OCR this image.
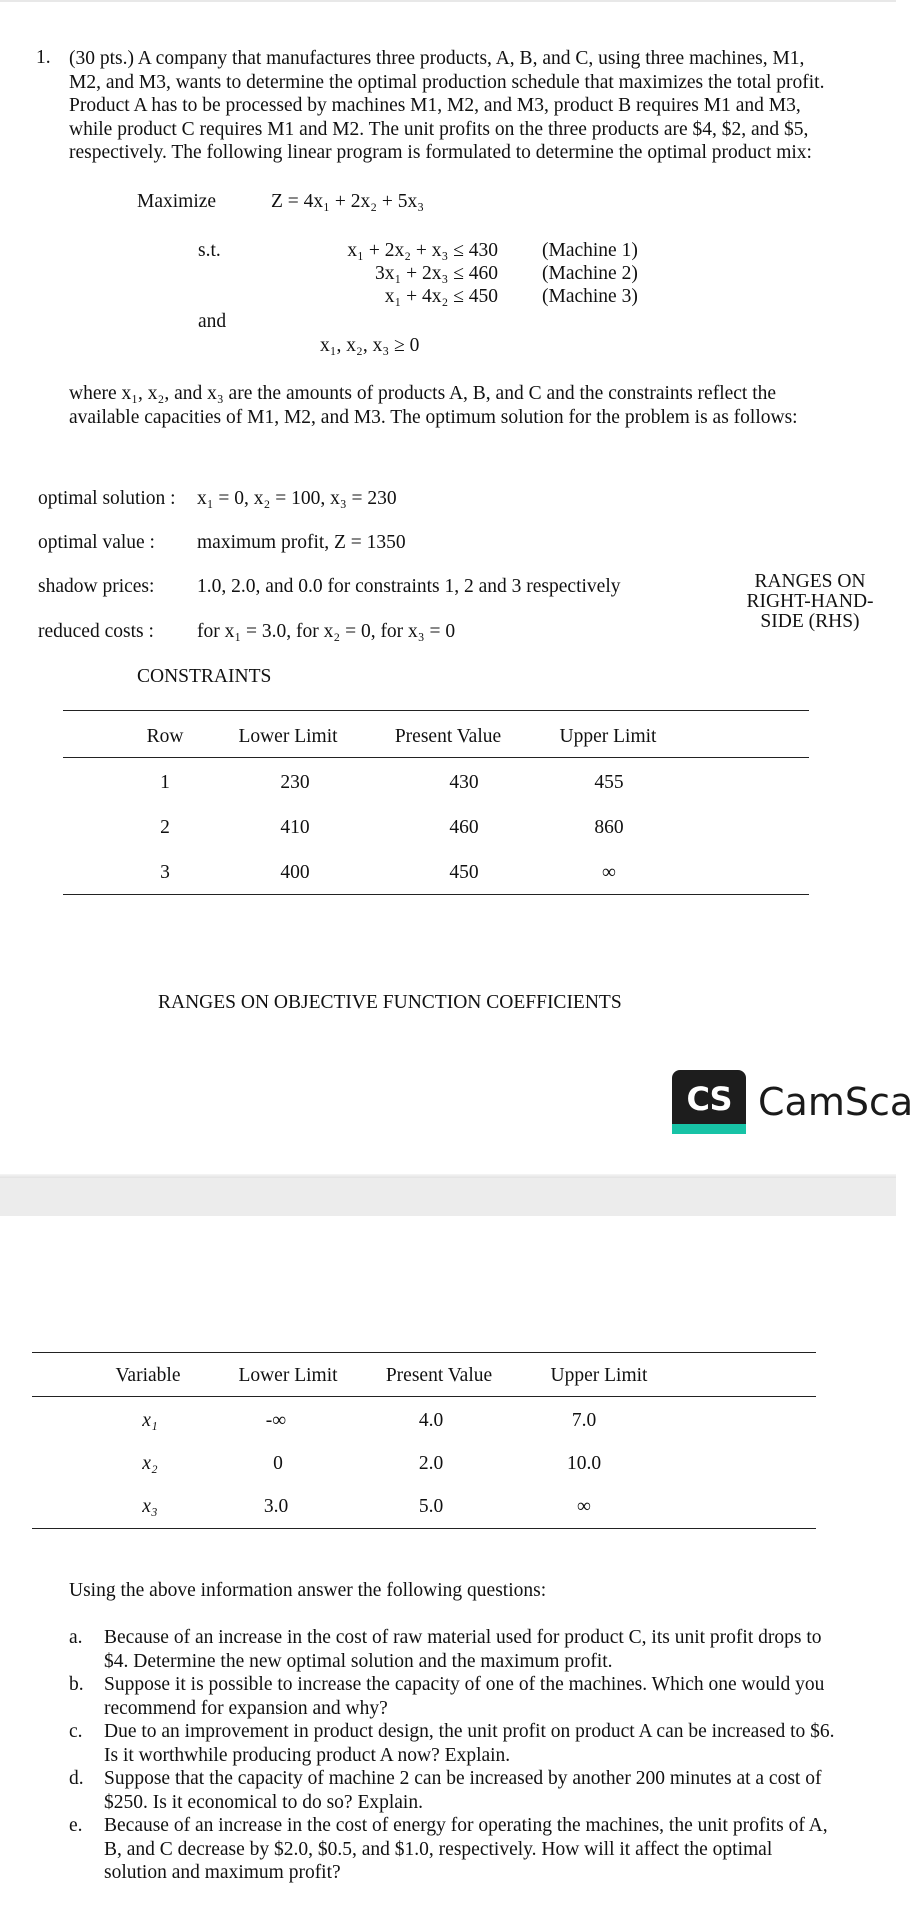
1. (30 pts.) A company that manufactures three products, A, B, and C, using three machines, M1,
M2, and M3, wants to determine the optimal production schedule that maximizes the total profit.
Product A has to be processed by machines M1, M2, and M3, product B requires M1 and M3,
while product C requires M1 and M2. The unit profits on the three products are $4, $2, and $5,
respectively. The following linear program is formulated to determine the optimal product mix:
Maximize	Z = 4x₁ + 2x₂ + 5x₃
s.t.	x₁ + 2x₂ + x₃ ≤ 430 (Machine 1)
3x₁ + 2x₃ ≤ 460 (Machine 2)
x₁ + 4x₂ ≤ 450 (Machine 3)
and
x₁, x₂, x₃ ≥ 0
where x₁, x₂, and x₃ are the amounts of products A, B, and C and the constraints reflect the
available capacities of M1, M2, and M3. The optimum solution for the problem is as follows:
optimal solution : x₁ = 0, x₂ = 100, x₃ = 230
optimal value : maximum profit, Z = 1350
shadow prices: 1.0, 2.0, and 0.0 for constraints 1, 2 and 3 respectively
reduced costs : for x₁ = 3.0, for x₂ = 0, for x₃ = 0
RANGES ON
RIGHT-HAND-
SIDE (RHS)
CONSTRAINTS
Row	Lower Limit	Present Value	Upper Limit
1	230	430	455
2	410	460	860
3	400	450	∞
RANGES ON OBJECTIVE FUNCTION COEFFICIENTS
CS CamSca
Variable	Lower Limit	Present Value	Upper Limit
x₁	-∞	4.0	7.0
x₂	0	2.0	10.0
x₃	3.0	5.0	∞
Using the above information answer the following questions:
a. Because of an increase in the cost of raw material used for product C, its unit profit drops to
$4. Determine the new optimal solution and the maximum profit.
b. Suppose it is possible to increase the capacity of one of the machines. Which one would you
recommend for expansion and why?
c. Due to an improvement in product design, the unit profit on product A can be increased to $6.
Is it worthwhile producing product A now? Explain.
d. Suppose that the capacity of machine 2 can be increased by another 200 minutes at a cost of
$250. Is it economical to do so? Explain.
e. Because of an increase in the cost of energy for operating the machines, the unit profits of A,
B, and C decrease by $2.0, $0.5, and $1.0, respectively. How will it affect the optimal
solution and maximum profit?
